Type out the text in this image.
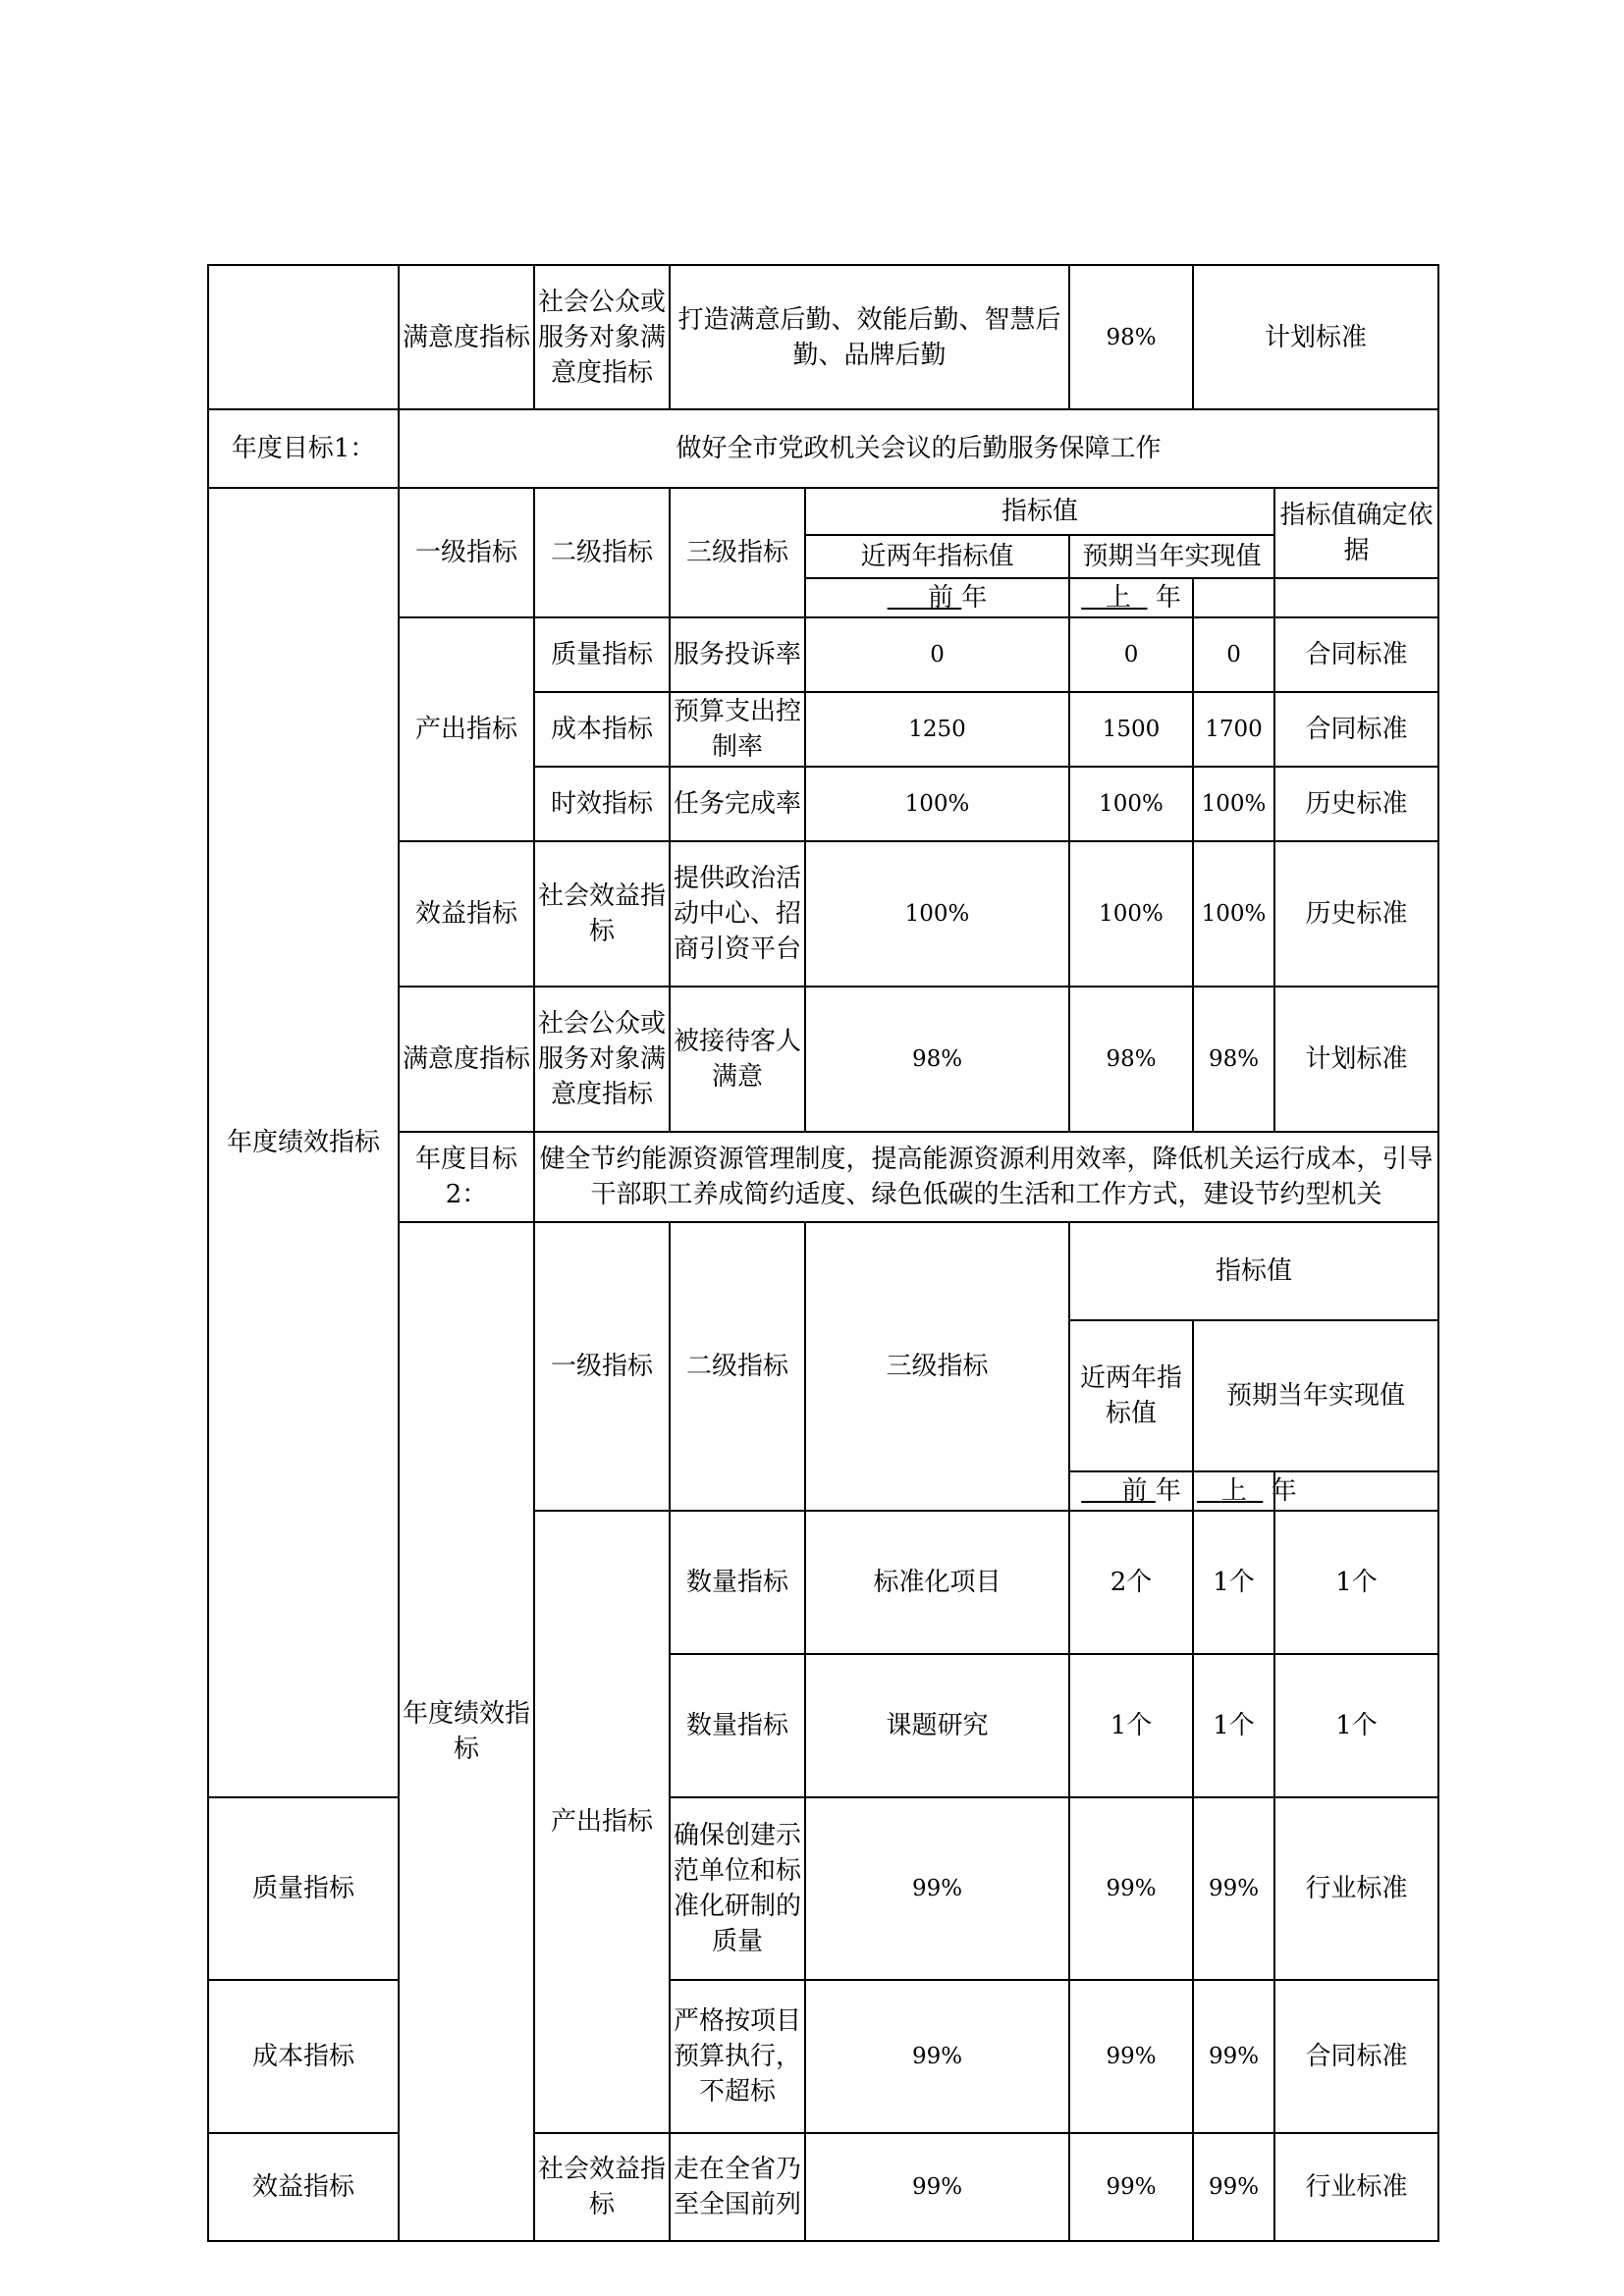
	满意度指标	社会公众或服务对象满意度指标	打造满意后勤、效能后勤、智慧后勤、品牌后勤		98%	计划标准		
年度目标1：	做好全市党政机关会议的后勤服务保障工作							
年度绩效指标	一级指标	二级指标	三级指标	指标值			指标值确定依据	
				近两年指标值	预期当年实现值			
				前 年	上 年			
	产出指标	质量指标	服务投诉率	0	0	0	合同标准	
		成本指标	预算支出控制率	1250	1500	1700	合同标准	
		时效指标	任务完成率	100%	100%	100%	历史标准	
	效益指标	社会效益指标	提供政治活动中心、招商引资平台	100%	100%	100%	历史标准	
	满意度指标	社会公众或服务对象满意度指标	被接待客人满意	98%	98%	98%	计划标准	
	年度目标2：	健全节约能源资源管理制度，提高能源资源利用效率，降低机关运行成本，引导干部职工养成简约适度、绿色低碳的生活和工作方式，建设节约型机关						
	年度绩效指标	一级指标	二级指标	三级指标	指标值	
					近两年指标值	预期当年实现值		
					前 年	上 年		
		产出指标	数量指标	标准化项目	2个	1个	1个	
			数量指标	课题研究	1个	1个	1个	
质量指标			确保创建示范单位和标准化研制的质量	99%	99%	99%	行业标准	
成本指标			严格按项目预算执行，不超标	99%	99%	99%	合同标准	
效益指标		社会效益指标	走在全省乃至全国前列	99%	99%	99%	行业标准	
